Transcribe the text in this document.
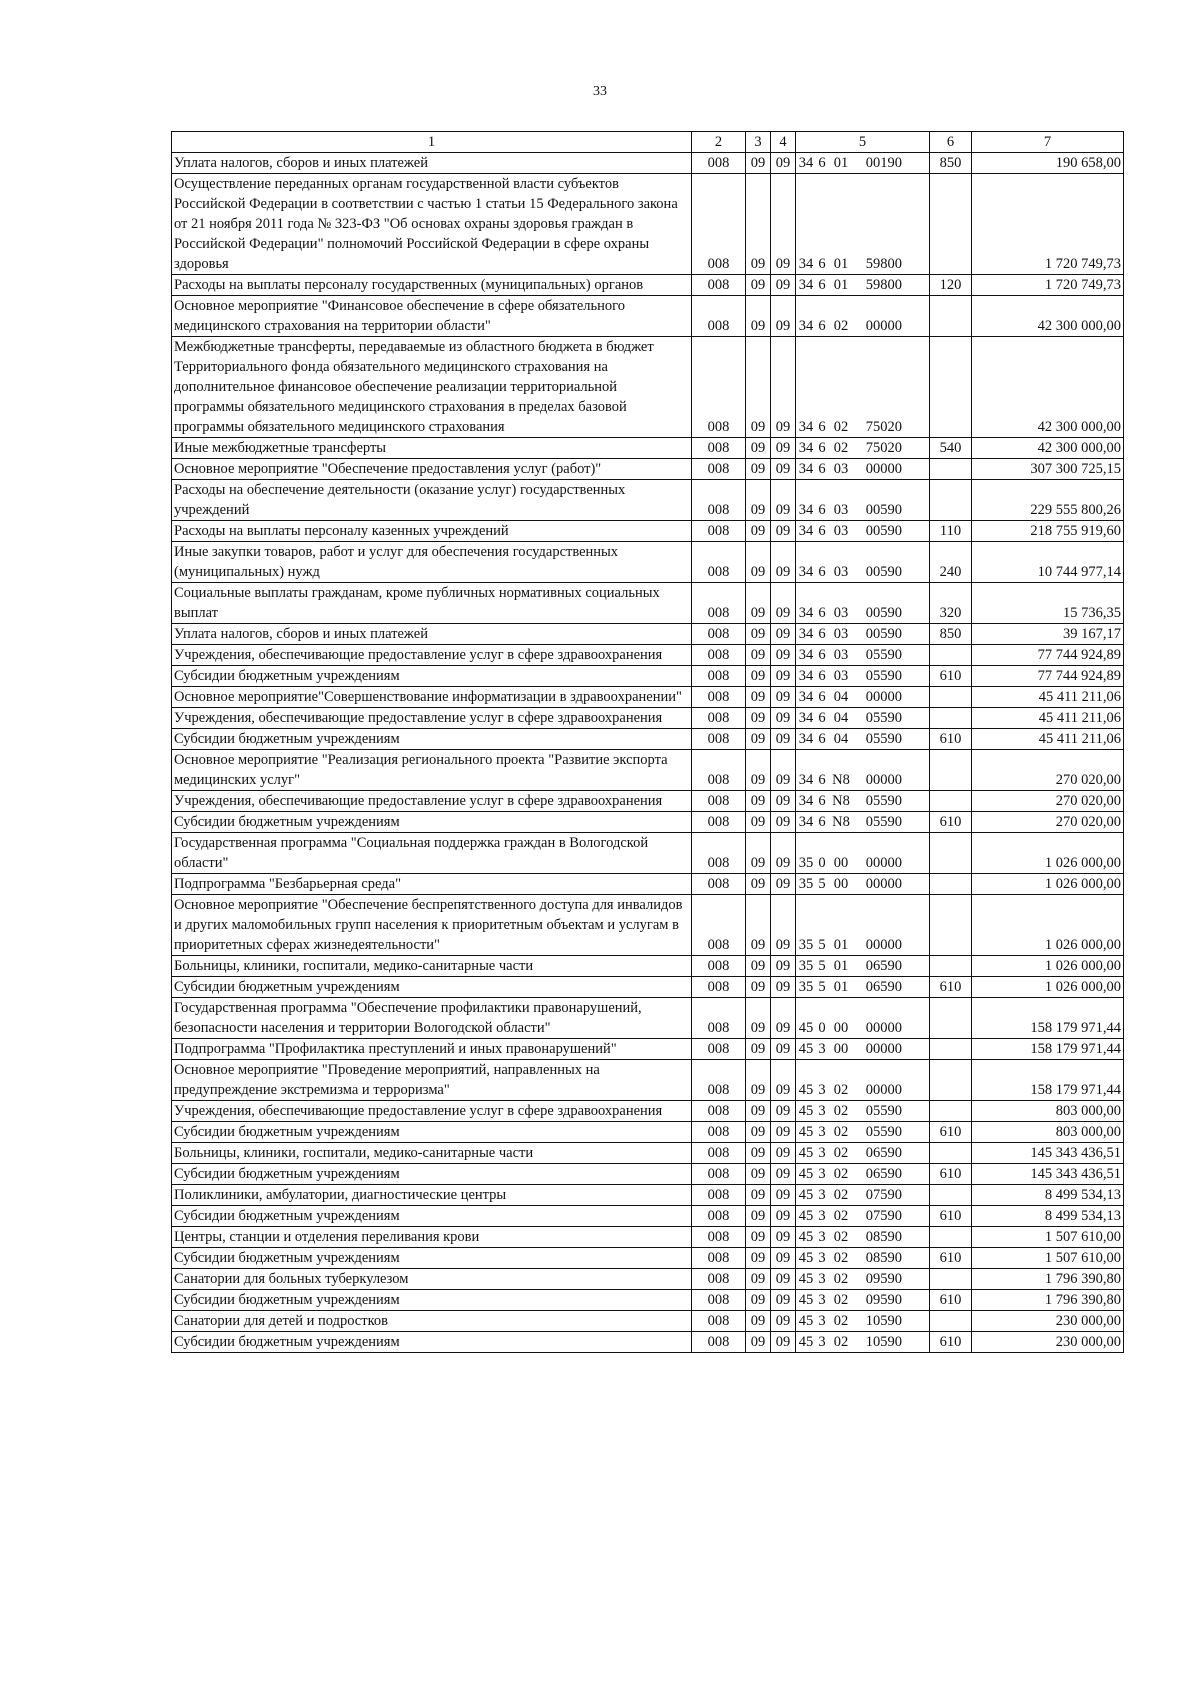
33
1	2	3	4	5	6	7
Уплата налогов, сборов и иных платежей	008	09	09	34 6 01 00190	850	190 658,00
Осуществление переданных органам государственной власти субъектов Российской Федерации в соответствии с частью 1 статьи 15 Федерального закона от 21 ноября 2011 года № 323-ФЗ "Об основах охраны здоровья граждан в Российской Федерации" полномочий Российской Федерации в сфере охраны здоровья	008	09	09	34 6 01 59800		1 720 749,73
Расходы на выплаты персоналу государственных (муниципальных) органов	008	09	09	34 6 01 59800	120	1 720 749,73
Основное мероприятие "Финансовое обеспечение в сфере обязательного медицинского страхования на территории области"	008	09	09	34 6 02 00000		42 300 000,00
Межбюджетные трансферты, передаваемые из областного бюджета в бюджет Территориального фонда обязательного медицинского страхования на дополнительное финансовое обеспечение реализации территориальной программы обязательного медицинского страхования в пределах базовой программы обязательного медицинского страхования	008	09	09	34 6 02 75020		42 300 000,00
Иные межбюджетные трансферты	008	09	09	34 6 02 75020	540	42 300 000,00
Основное мероприятие "Обеспечение предоставления услуг (работ)"	008	09	09	34 6 03 00000		307 300 725,15
Расходы на обеспечение деятельности (оказание услуг) государственных учреждений	008	09	09	34 6 03 00590		229 555 800,26
Расходы на выплаты персоналу казенных учреждений	008	09	09	34 6 03 00590	110	218 755 919,60
Иные закупки товаров, работ и услуг для обеспечения государственных (муниципальных) нужд	008	09	09	34 6 03 00590	240	10 744 977,14
Социальные выплаты гражданам, кроме публичных нормативных социальных выплат	008	09	09	34 6 03 00590	320	15 736,35
Уплата налогов, сборов и иных платежей	008	09	09	34 6 03 00590	850	39 167,17
Учреждения, обеспечивающие предоставление услуг в сфере здравоохранения	008	09	09	34 6 03 05590		77 744 924,89
Субсидии бюджетным учреждениям	008	09	09	34 6 03 05590	610	77 744 924,89
Основное мероприятие"Совершенствование информатизации в здравоохранении"	008	09	09	34 6 04 00000		45 411 211,06
Учреждения, обеспечивающие предоставление услуг в сфере здравоохранения	008	09	09	34 6 04 05590		45 411 211,06
Субсидии бюджетным учреждениям	008	09	09	34 6 04 05590	610	45 411 211,06
Основное мероприятие "Реализация регионального проекта "Развитие экспорта медицинских услуг"	008	09	09	34 6 N8 00000		270 020,00
Учреждения, обеспечивающие предоставление услуг в сфере здравоохранения	008	09	09	34 6 N8 05590		270 020,00
Субсидии бюджетным учреждениям	008	09	09	34 6 N8 05590	610	270 020,00
Государственная программа "Социальная поддержка граждан в Вологодской области"	008	09	09	35 0 00 00000		1 026 000,00
Подпрограмма "Безбарьерная среда"	008	09	09	35 5 00 00000		1 026 000,00
Основное мероприятие "Обеспечение беспрепятственного доступа для инвалидов и других маломобильных групп населения к приоритетным объектам и услугам в приоритетных сферах жизнедеятельности"	008	09	09	35 5 01 00000		1 026 000,00
Больницы, клиники, госпитали, медико-санитарные части	008	09	09	35 5 01 06590		1 026 000,00
Субсидии бюджетным учреждениям	008	09	09	35 5 01 06590	610	1 026 000,00
Государственная программа "Обеспечение профилактики правонарушений, безопасности населения и территории Вологодской области"	008	09	09	45 0 00 00000		158 179 971,44
Подпрограмма "Профилактика преступлений и иных правонарушений"	008	09	09	45 3 00 00000		158 179 971,44
Основное мероприятие "Проведение мероприятий, направленных на предупреждение экстремизма и терроризма"	008	09	09	45 3 02 00000		158 179 971,44
Учреждения, обеспечивающие предоставление услуг в сфере здравоохранения	008	09	09	45 3 02 05590		803 000,00
Субсидии бюджетным учреждениям	008	09	09	45 3 02 05590	610	803 000,00
Больницы, клиники, госпитали, медико-санитарные части	008	09	09	45 3 02 06590		145 343 436,51
Субсидии бюджетным учреждениям	008	09	09	45 3 02 06590	610	145 343 436,51
Поликлиники, амбулатории, диагностические центры	008	09	09	45 3 02 07590		8 499 534,13
Субсидии бюджетным учреждениям	008	09	09	45 3 02 07590	610	8 499 534,13
Центры, станции и отделения переливания крови	008	09	09	45 3 02 08590		1 507 610,00
Субсидии бюджетным учреждениям	008	09	09	45 3 02 08590	610	1 507 610,00
Санатории для больных туберкулезом	008	09	09	45 3 02 09590		1 796 390,80
Субсидии бюджетным учреждениям	008	09	09	45 3 02 09590	610	1 796 390,80
Санатории для детей и подростков	008	09	09	45 3 02 10590		230 000,00
Субсидии бюджетным учреждениям	008	09	09	45 3 02 10590	610	230 000,00
